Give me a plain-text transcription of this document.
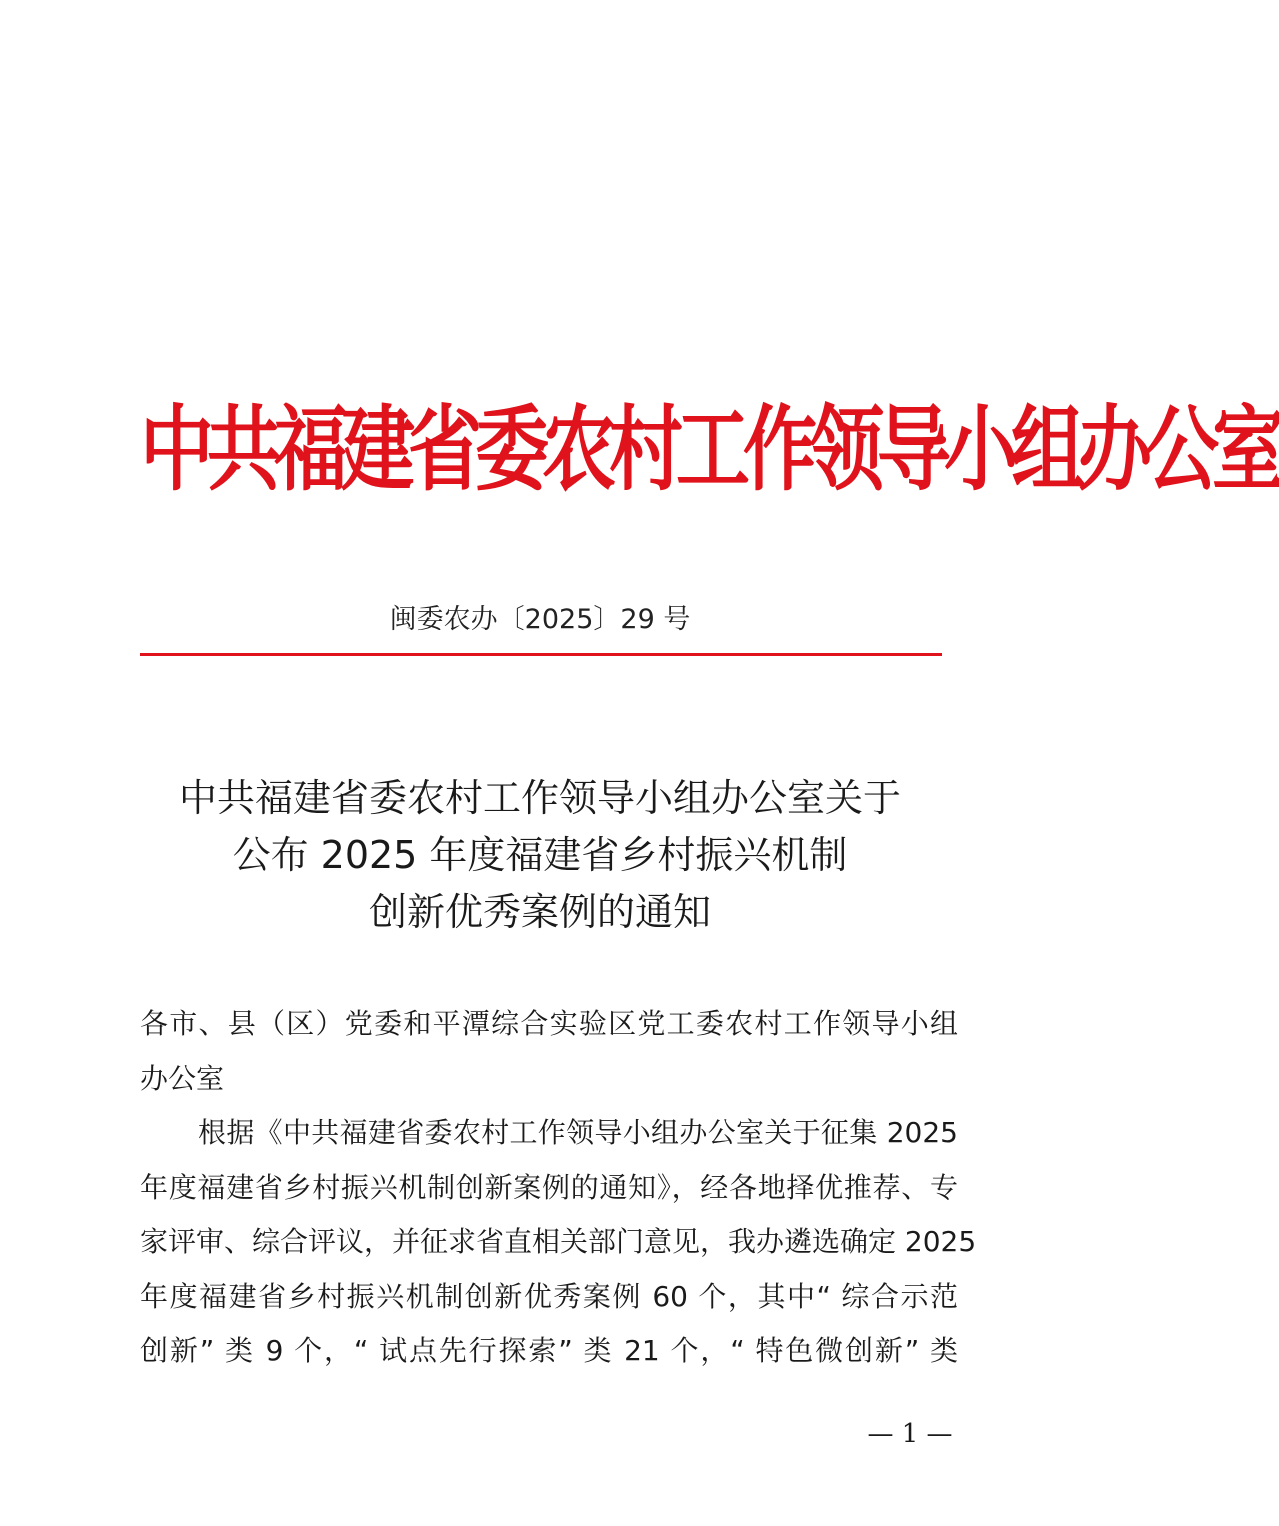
中共福建省委农村工作领导小组办公室
闽委农办〔2025〕29 号
中共福建省委农村工作领导小组办公室关于
公布 2025 年度福建省乡村振兴机制
创新优秀案例的通知
各市、县（区）党委和平潭综合实验区党工委农村工作领导小组
办公室
根据《中共福建省委农村工作领导小组办公室关于征集 2025
年度福建省乡村振兴机制创新案例的通知》，经各地择优推荐、专
家评审、综合评议，并征求省直相关部门意见，我办遴选确定 2025
年度福建省乡村振兴机制创新优秀案例 60 个，其中“ 综合示范
创新” 类 9 个，“ 试点先行探索” 类 21 个，“ 特色微创新” 类
— 1 —
